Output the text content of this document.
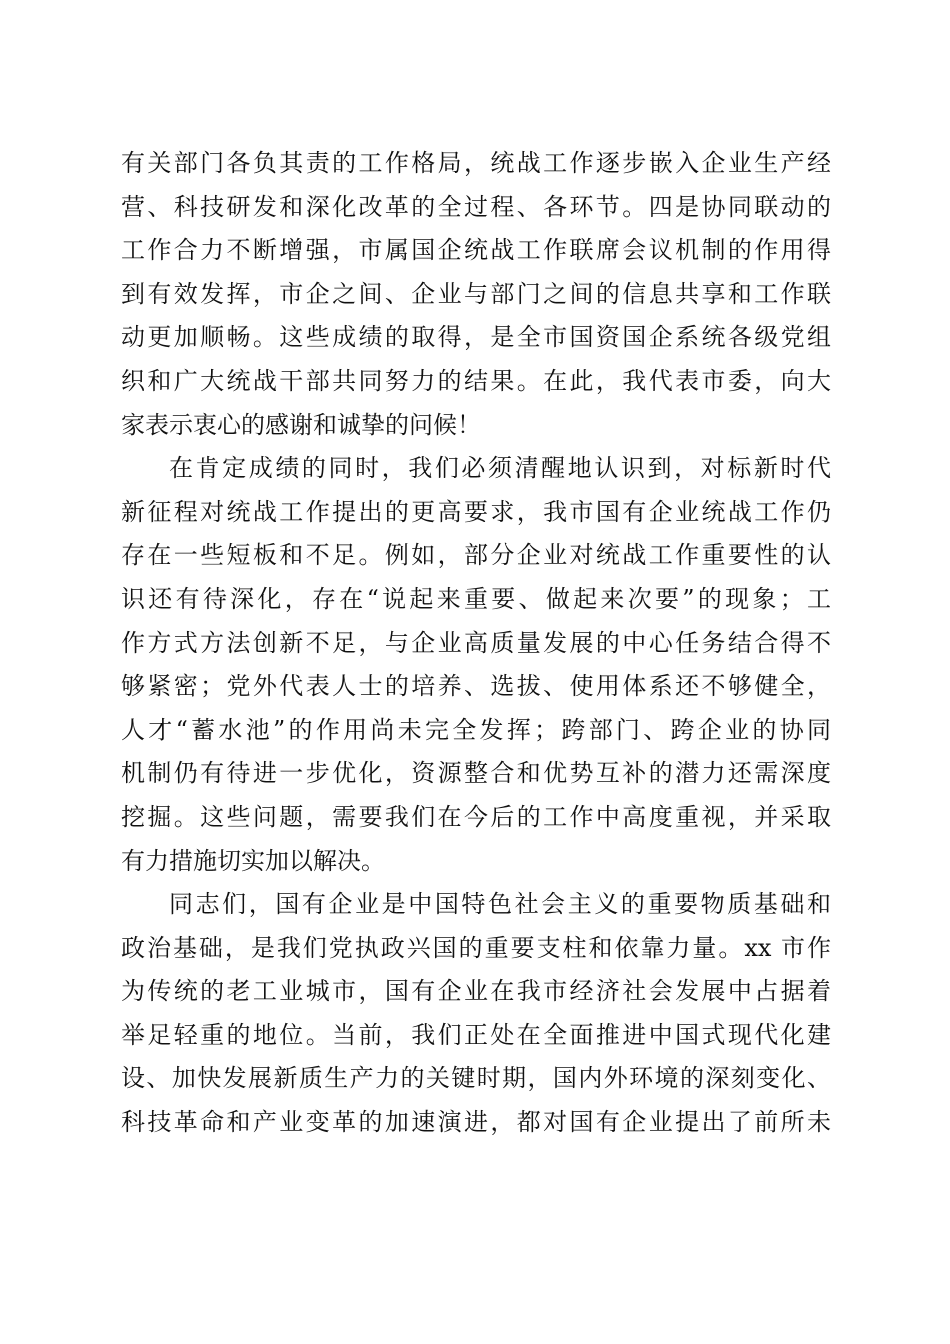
有关部门各负其责的工作格局，统战工作逐步嵌入企业生产经
营、科技研发和深化改革的全过程、各环节。四是协同联动的
工作合力不断增强，市属国企统战工作联席会议机制的作用得
到有效发挥，市企之间、企业与部门之间的信息共享和工作联
动更加顺畅。这些成绩的取得，是全市国资国企系统各级党组
织和广大统战干部共同努力的结果。在此，我代表市委，向大
家表示衷心的感谢和诚挚的问候！
在肯定成绩的同时，我们必须清醒地认识到，对标新时代
新征程对统战工作提出的更高要求，我市国有企业统战工作仍
存在一些短板和不足。例如，部分企业对统战工作重要性的认
识还有待深化，存在“说起来重要、做起来次要”的现象；工
作方式方法创新不足，与企业高质量发展的中心任务结合得不
够紧密；党外代表人士的培养、选拔、使用体系还不够健全，
人才“蓄水池”的作用尚未完全发挥；跨部门、跨企业的协同
机制仍有待进一步优化，资源整合和优势互补的潜力还需深度
挖掘。这些问题，需要我们在今后的工作中高度重视，并采取
有力措施切实加以解决。
同志们，国有企业是中国特色社会主义的重要物质基础和
政治基础，是我们党执政兴国的重要支柱和依靠力量。xx 市作
为传统的老工业城市，国有企业在我市经济社会发展中占据着
举足轻重的地位。当前，我们正处在全面推进中国式现代化建
设、加快发展新质生产力的关键时期，国内外环境的深刻变化、
科技革命和产业变革的加速演进，都对国有企业提出了前所未
